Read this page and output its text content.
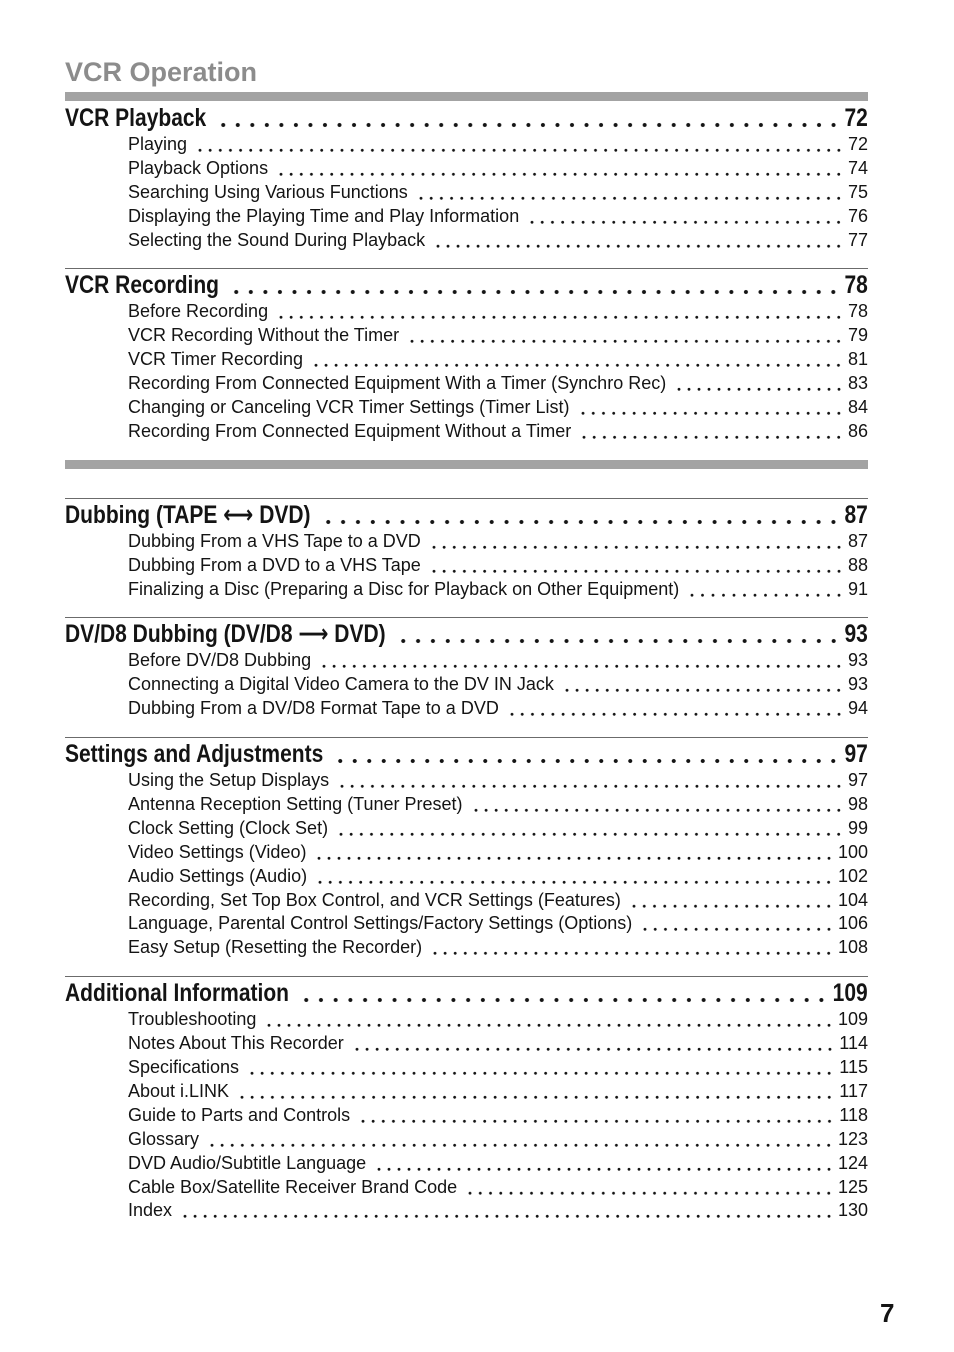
VCR Operation
VCR Playback	72
Playing	72
Playback Options	74
Searching Using Various Functions	75
Displaying the Playing Time and Play Information	76
Selecting the Sound During Playback	77
VCR Recording	78
Before Recording	78
VCR Recording Without the Timer	79
VCR Timer Recording	81
Recording From Connected Equipment With a Timer (Synchro Rec)	83
Changing or Canceling VCR Timer Settings (Timer List)	84
Recording From Connected Equipment Without a Timer	86
Dubbing (TAPE ⟷ DVD)	87
Dubbing From a VHS Tape to a DVD	87
Dubbing From a DVD to a VHS Tape	88
Finalizing a Disc (Preparing a Disc for Playback on Other Equipment)	91
DV/D8 Dubbing (DV/D8 ⟶ DVD)	93
Before DV/D8 Dubbing	93
Connecting a Digital Video Camera to the DV IN Jack	93
Dubbing From a DV/D8 Format Tape to a DVD	94
Settings and Adjustments	97
Using the Setup Displays	97
Antenna Reception Setting (Tuner Preset)	98
Clock Setting (Clock Set)	99
Video Settings (Video)	100
Audio Settings (Audio)	102
Recording, Set Top Box Control, and VCR Settings (Features)	104
Language, Parental Control Settings/Factory Settings (Options)	106
Easy Setup (Resetting the Recorder)	108
Additional Information	109
Troubleshooting	109
Notes About This Recorder	114
Specifications	115
About i.LINK	117
Guide to Parts and Controls	118
Glossary	123
DVD Audio/Subtitle Language	124
Cable Box/Satellite Receiver Brand Code	125
Index	130
7
